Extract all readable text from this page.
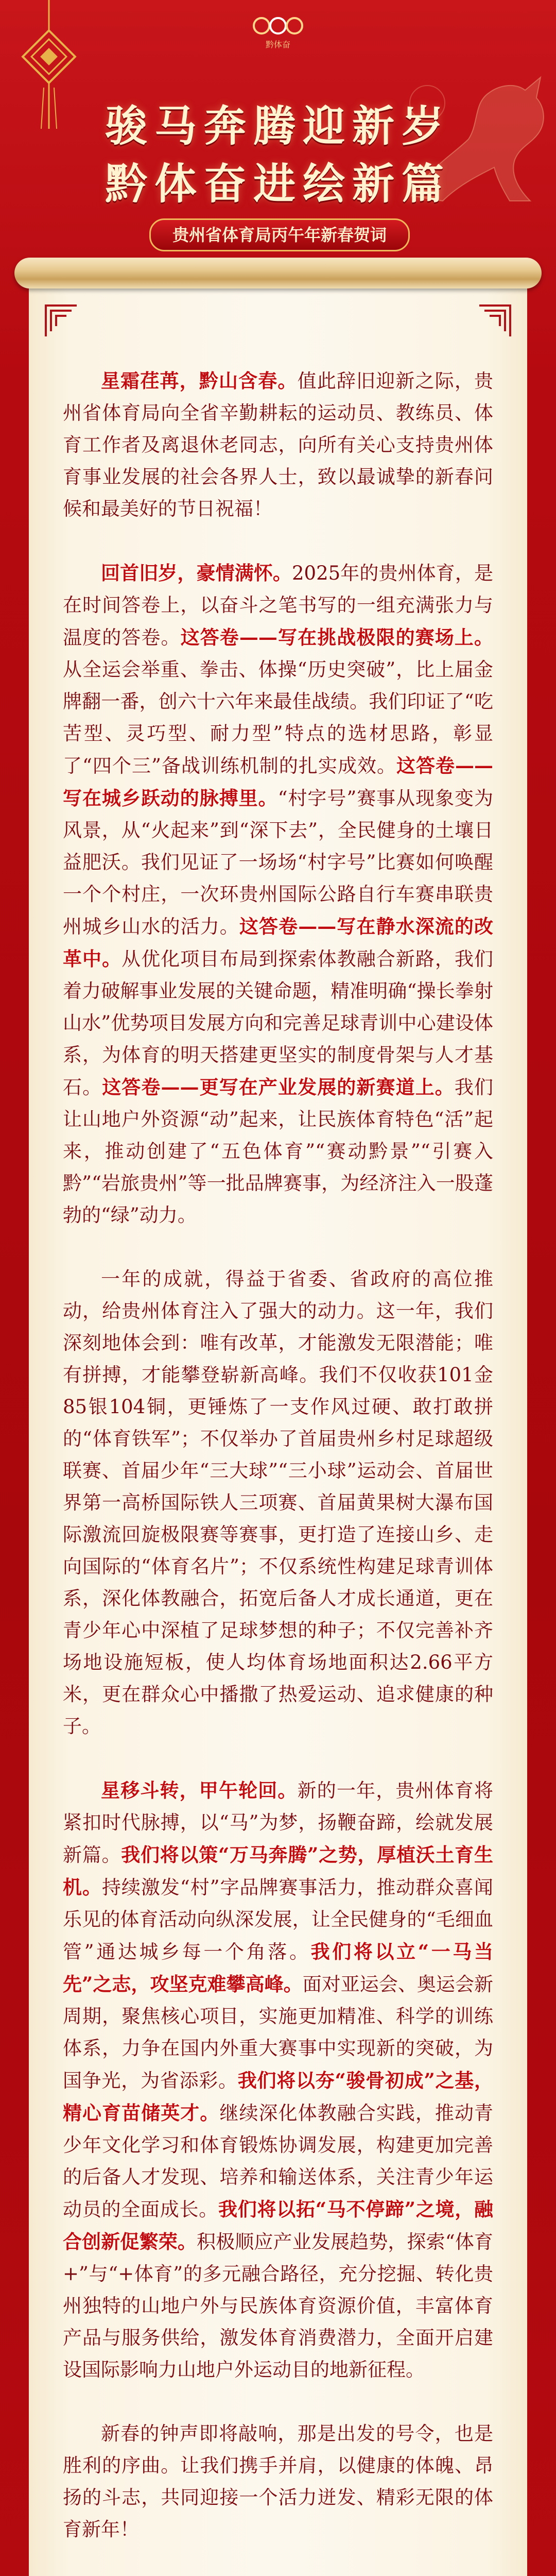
黔体奋
骏马奔腾迎新岁
黔体奋进绘新篇
贵州省体育局丙午年新春贺词

星霜荏苒，黔山含春。值此辞旧迎新之际，贵州省体育局向全省辛勤耕耘的运动员、教练员、体育工作者及离退休老同志，向所有关心支持贵州体育事业发展的社会各界人士，致以最诚挚的新春问候和最美好的节日祝福！

回首旧岁，豪情满怀。2025年的贵州体育，是在时间答卷上，以奋斗之笔书写的一组充满张力与温度的答卷。这答卷——写在挑战极限的赛场上。从全运会举重、拳击、体操“历史突破”，比上届金牌翻一番，创六十六年来最佳战绩。我们印证了“吃苦型、灵巧型、耐力型”特点的选材思路，彰显了“四个三”备战训练机制的扎实成效。这答卷——写在城乡跃动的脉搏里。“村字号”赛事从现象变为风景，从“火起来”到“深下去”，全民健身的土壤日益肥沃。我们见证了一场场“村字号”比赛如何唤醒一个个村庄，一次环贵州国际公路自行车赛串联贵州城乡山水的活力。这答卷——写在静水深流的改革中。从优化项目布局到探索体教融合新路，我们着力破解事业发展的关键命题，精准明确“操长拳射山水”优势项目发展方向和完善足球青训中心建设体系，为体育的明天搭建更坚实的制度骨架与人才基石。这答卷——更写在产业发展的新赛道上。我们让山地户外资源“动”起来，让民族体育特色“活”起来，推动创建了“五色体育”“赛动黔景”“引赛入黔”“岩旅贵州”等一批品牌赛事，为经济注入一股蓬勃的“绿”动力。

一年的成就，得益于省委、省政府的高位推动，给贵州体育注入了强大的动力。这一年，我们深刻地体会到：唯有改革，才能激发无限潜能；唯有拼搏，才能攀登崭新高峰。我们不仅收获101金85银104铜，更锤炼了一支作风过硬、敢打敢拼的“体育铁军”；不仅举办了首届贵州乡村足球超级联赛、首届少年“三大球”“三小球”运动会、首届世界第一高桥国际铁人三项赛、首届黄果树大瀑布国际激流回旋极限赛等赛事，更打造了连接山乡、走向国际的“体育名片”；不仅系统性构建足球青训体系，深化体教融合，拓宽后备人才成长通道，更在青少年心中深植了足球梦想的种子；不仅完善补齐场地设施短板，使人均体育场地面积达2.66平方米，更在群众心中播撒了热爱运动、追求健康的种子。

星移斗转，甲午轮回。新的一年，贵州体育将紧扣时代脉搏，以“马”为梦，扬鞭奋蹄，绘就发展新篇。我们将以策“万马奔腾”之势，厚植沃土育生机。持续激发“村”字品牌赛事活力，推动群众喜闻乐见的体育活动向纵深发展，让全民健身的“毛细血管”通达城乡每一个角落。我们将以立“一马当先”之志，攻坚克难攀高峰。面对亚运会、奥运会新周期，聚焦核心项目，实施更加精准、科学的训练体系，力争在国内外重大赛事中实现新的突破，为国争光，为省添彩。我们将以夯“骏骨初成”之基，精心育苗储英才。继续深化体教融合实践，推动青少年文化学习和体育锻炼协调发展，构建更加完善的后备人才发现、培养和输送体系，关注青少年运动员的全面成长。我们将以拓“马不停蹄”之境，融合创新促繁荣。积极顺应产业发展趋势，探索“体育+”与“+体育”的多元融合路径，充分挖掘、转化贵州独特的山地户外与民族体育资源价值，丰富体育产品与服务供给，激发体育消费潜力，全面开启建设国际影响力山地户外运动目的地新征程。

新春的钟声即将敲响，那是出发的号令，也是胜利的序曲。让我们携手并肩，以健康的体魄、昂扬的斗志，共同迎接一个活力迸发、精彩无限的体育新年！
